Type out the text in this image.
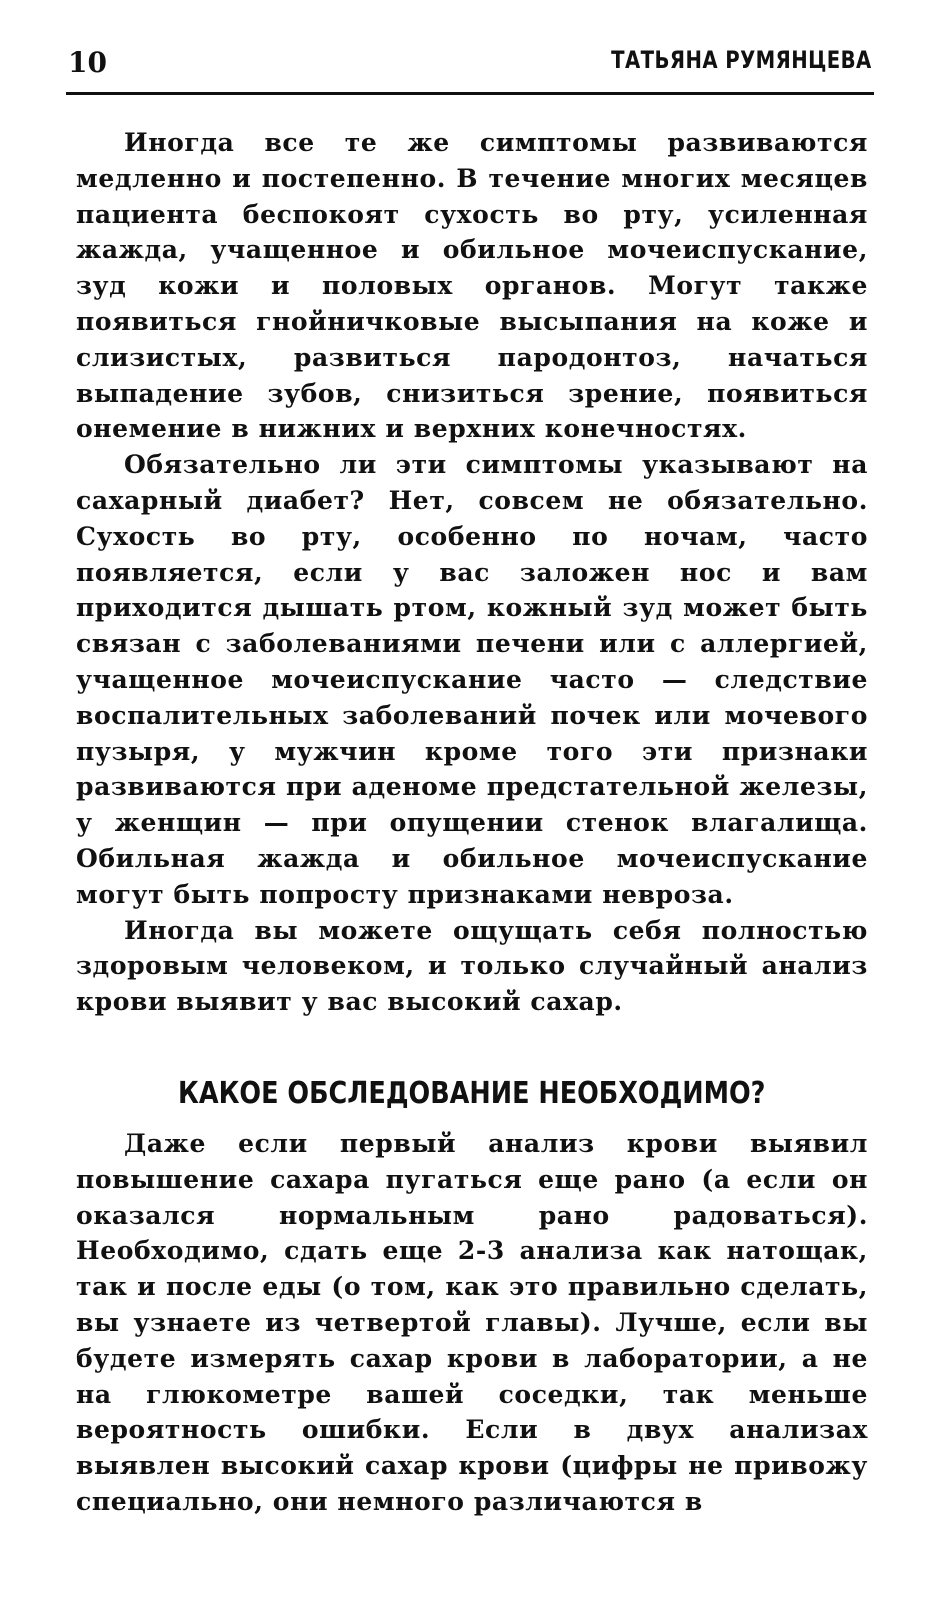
10	ТАТЬЯНА РУМЯНЦЕВА

Иногда все те же симптомы развиваются медленно и постепенно. В течение многих месяцев пациента беспокоят сухость во рту, усиленная жажда, учащенное и обильное мочеиспускание, зуд кожи и половых органов. Могут также появиться гнойничковые высыпания на коже и слизистых, развиться пародонтоз, начаться выпадение зубов, снизиться зрение, появиться онемение в нижних и верхних конечностях.

Обязательно ли эти симптомы указывают на сахарный диабет? Нет, совсем не обязательно. Сухость во рту, особенно по ночам, часто появляется, если у вас заложен нос и вам приходится дышать ртом, кожный зуд может быть связан с заболеваниями печени или с аллергией, учащенное мочеиспускание часто — следствие воспалительных заболеваний почек или мочевого пузыря, у мужчин кроме того эти признаки развиваются при аденоме предстательной железы, у женщин — при опущении стенок влагалища. Обильная жажда и обильное мочеиспускание могут быть попросту признаками невроза.

Иногда вы можете ощущать себя полностью здоровым человеком, и только случайный анализ крови выявит у вас высокий сахар.

КАКОЕ ОБСЛЕДОВАНИЕ НЕОБХОДИМО?

Даже если первый анализ крови выявил повышение сахара пугаться еще рано (а если он оказался нормальным рано радоваться). Необходимо, сдать еще 2-3 анализа как натощак, так и после еды (о том, как это правильно сделать, вы узнаете из четвертой главы). Лучше, если вы будете измерять сахар крови в лаборатории, а не на глюкометре вашей соседки, так меньше вероятность ошибки. Если в двух анализах выявлен высокий сахар крови (цифры не привожу специально, они немного различаются в
